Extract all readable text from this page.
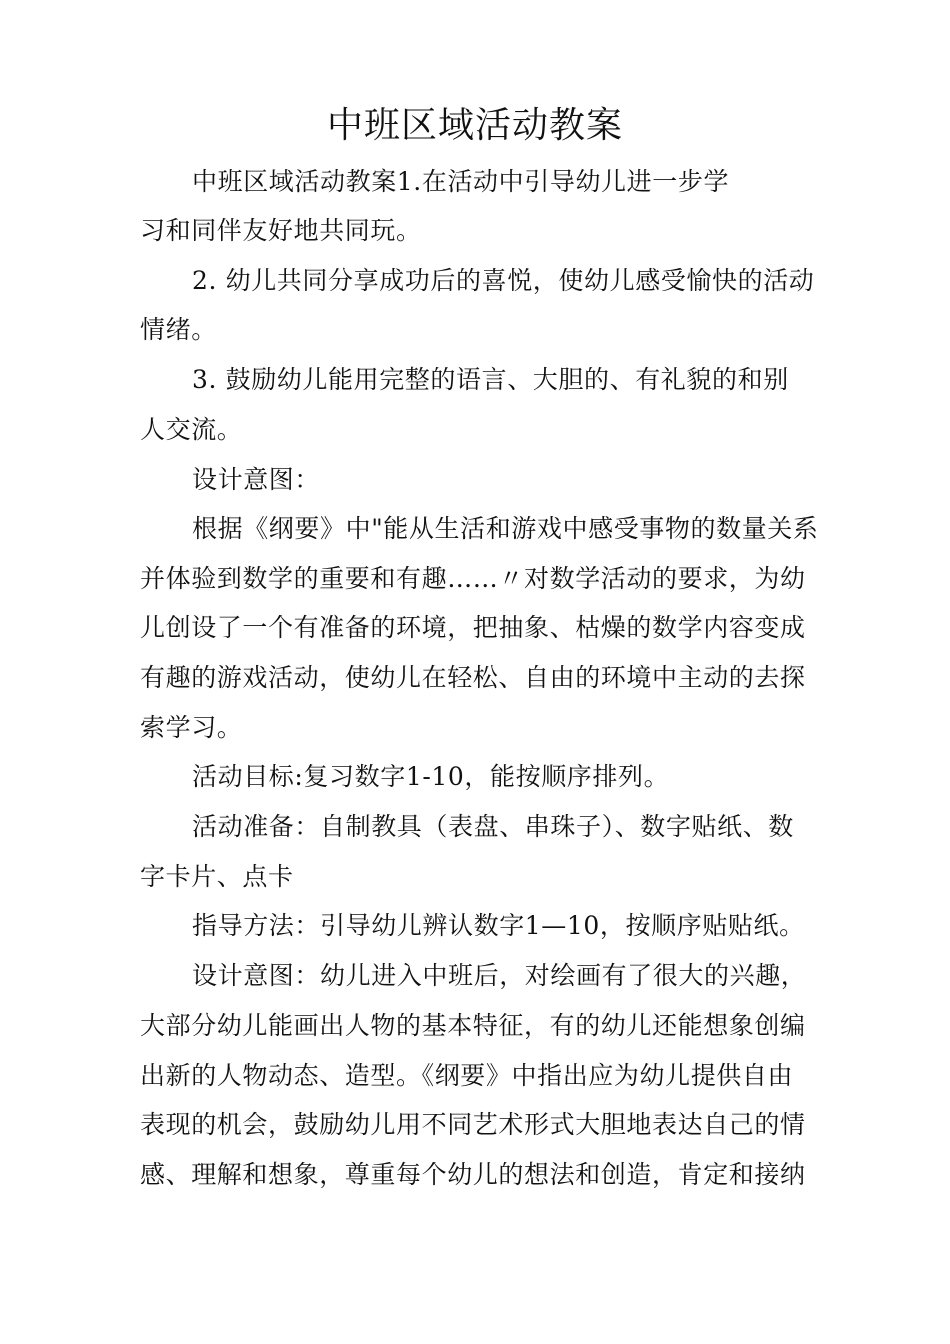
中班区域活动教案
中班区域活动教案1.在活动中引导幼儿进一步学
习和同伴友好地共同玩。
2. 幼儿共同分享成功后的喜悦，使幼儿感受愉快的活动
情绪。
3. 鼓励幼儿能用完整的语言、大胆的、有礼貌的和别
人交流。
设计意图：
根据《纲要》中"能从生活和游戏中感受事物的数量关系
并体验到数学的重要和有趣……〃对数学活动的要求，为幼
儿创设了一个有准备的环境，把抽象、枯燥的数学内容变成
有趣的游戏活动，使幼儿在轻松、自由的环境中主动的去探
索学习。
活动目标:复习数字1-10，能按顺序排列。
活动准备：自制教具（表盘、串珠子）、数字贴纸、数
字卡片、点卡
指导方法：引导幼儿辨认数字1—10，按顺序贴贴纸。
设计意图：幼儿进入中班后，对绘画有了很大的兴趣，
大部分幼儿能画出人物的基本特征，有的幼儿还能想象创编
出新的人物动态、造型。《纲要》中指出应为幼儿提供自由
表现的机会，鼓励幼儿用不同艺术形式大胆地表达自己的情
感、理解和想象，尊重每个幼儿的想法和创造，肯定和接纳
